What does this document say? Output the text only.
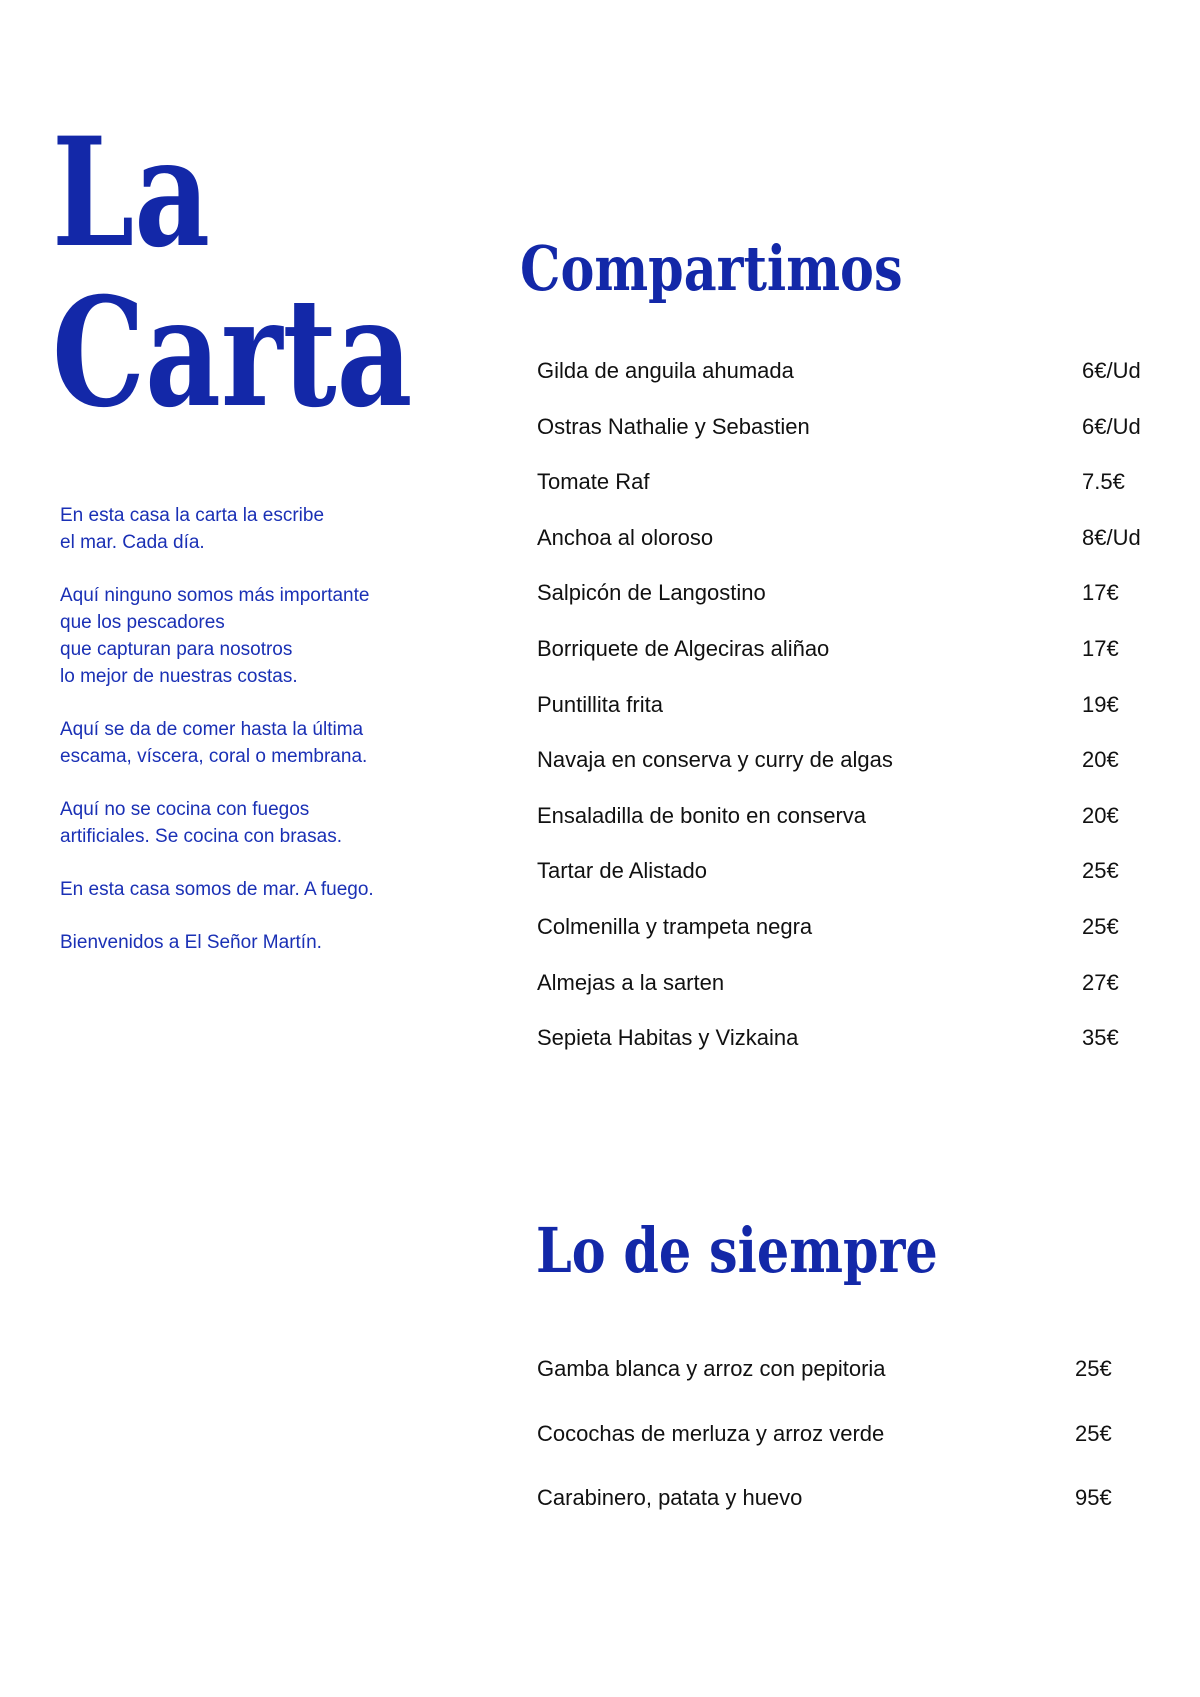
La
Carta

En esta casa la carta la escribe
el mar. Cada día.

Aquí ninguno somos más importante
que los pescadores
que capturan para nosotros
lo mejor de nuestras costas.

Aquí se da de comer hasta la última
escama, víscera, coral o membrana.

Aquí no se cocina con fuegos
artificiales. Se cocina con brasas.

En esta casa somos de mar. A fuego.

Bienvenidos a El Señor Martín.

Compartimos
Gilda de anguila ahumada	6€/Ud
Ostras Nathalie y Sebastien	6€/Ud
Tomate Raf	7.5€
Anchoa al oloroso	8€/Ud
Salpicón de Langostino	17€
Borriquete de Algeciras aliñao	17€
Puntillita frita	19€
Navaja en conserva y curry de algas	20€
Ensaladilla de bonito en conserva	20€
Tartar de Alistado	25€
Colmenilla y trampeta negra	25€
Almejas a la sarten	27€
Sepieta Habitas y Vizkaina	35€
Lo de siempre
Gamba blanca y arroz con pepitoria	25€
Cocochas de merluza y arroz verde	25€
Carabinero, patata y huevo	95€
